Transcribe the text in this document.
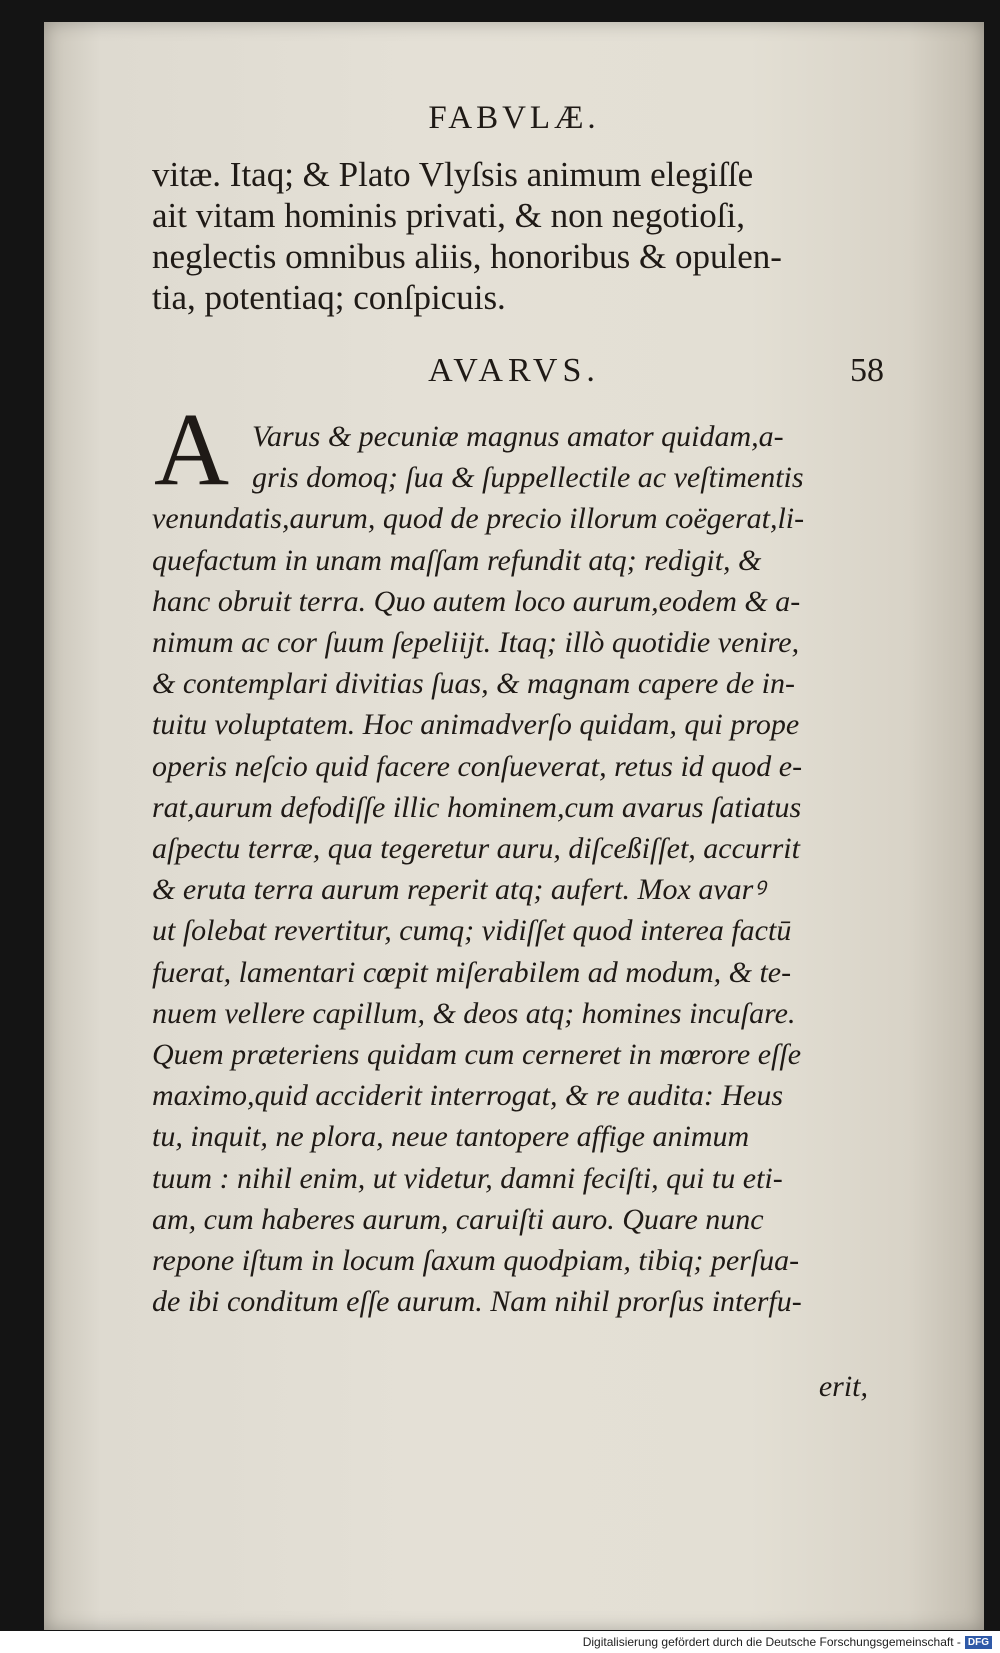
FABVLÆ.
vitæ. Itaq; & Plato Vlyſsis animum elegiſſe
ait vitam hominis privati, & non negotioſi,
neglectis omnibus aliis, honoribus & opulen-
tia, potentiaq; conſpicuis.
AVARVS.	58
A Varus & pecuniæ magnus amator quidam,a-
gris domoq; ſua & ſuppellectile ac veſtimentis
venundatis,aurum, quod de precio illorum coëgerat,li-
quefactum in unam maſſam refundit atq; redigit, &
hanc obruit terra. Quo autem loco aurum,eodem & a-
nimum ac cor ſuum ſepeliijt. Itaq; illò quotidie venire,
& contemplari divitias ſuas, & magnam capere de in-
tuitu voluptatem. Hoc animadverſo quidam, qui prope
operis neſcio quid facere conſueverat, retus id quod e-
rat,aurum defodiſſe illic hominem,cum avarus ſatiatus
aſpectu terræ, qua tegeretur auru, diſceßiſſet, accurrit
& eruta terra aurum reperit atq; aufert. Mox avarꝰ
ut ſolebat revertitur, cumq; vidiſſet quod interea factū
fuerat, lamentari cœpit miſerabilem ad modum, & te-
nuem vellere capillum, & deos atq; homines incuſare.
Quem præteriens quidam cum cerneret in mœrore eſſe
maximo,quid acciderit interrogat, & re audita: Heus
tu, inquit, ne plora, neue tantopere affige animum
tuum : nihil enim, ut videtur, damni feciſti, qui tu eti-
am, cum haberes aurum, caruiſti auro. Quare nunc
repone iſtum in locum ſaxum quodpiam, tibiq; perſua-
de ibi conditum eſſe aurum. Nam nihil prorſus interfu-
erit,
Digitalisierung gefördert durch die Deutsche Forschungsgemeinschaft - DFG
